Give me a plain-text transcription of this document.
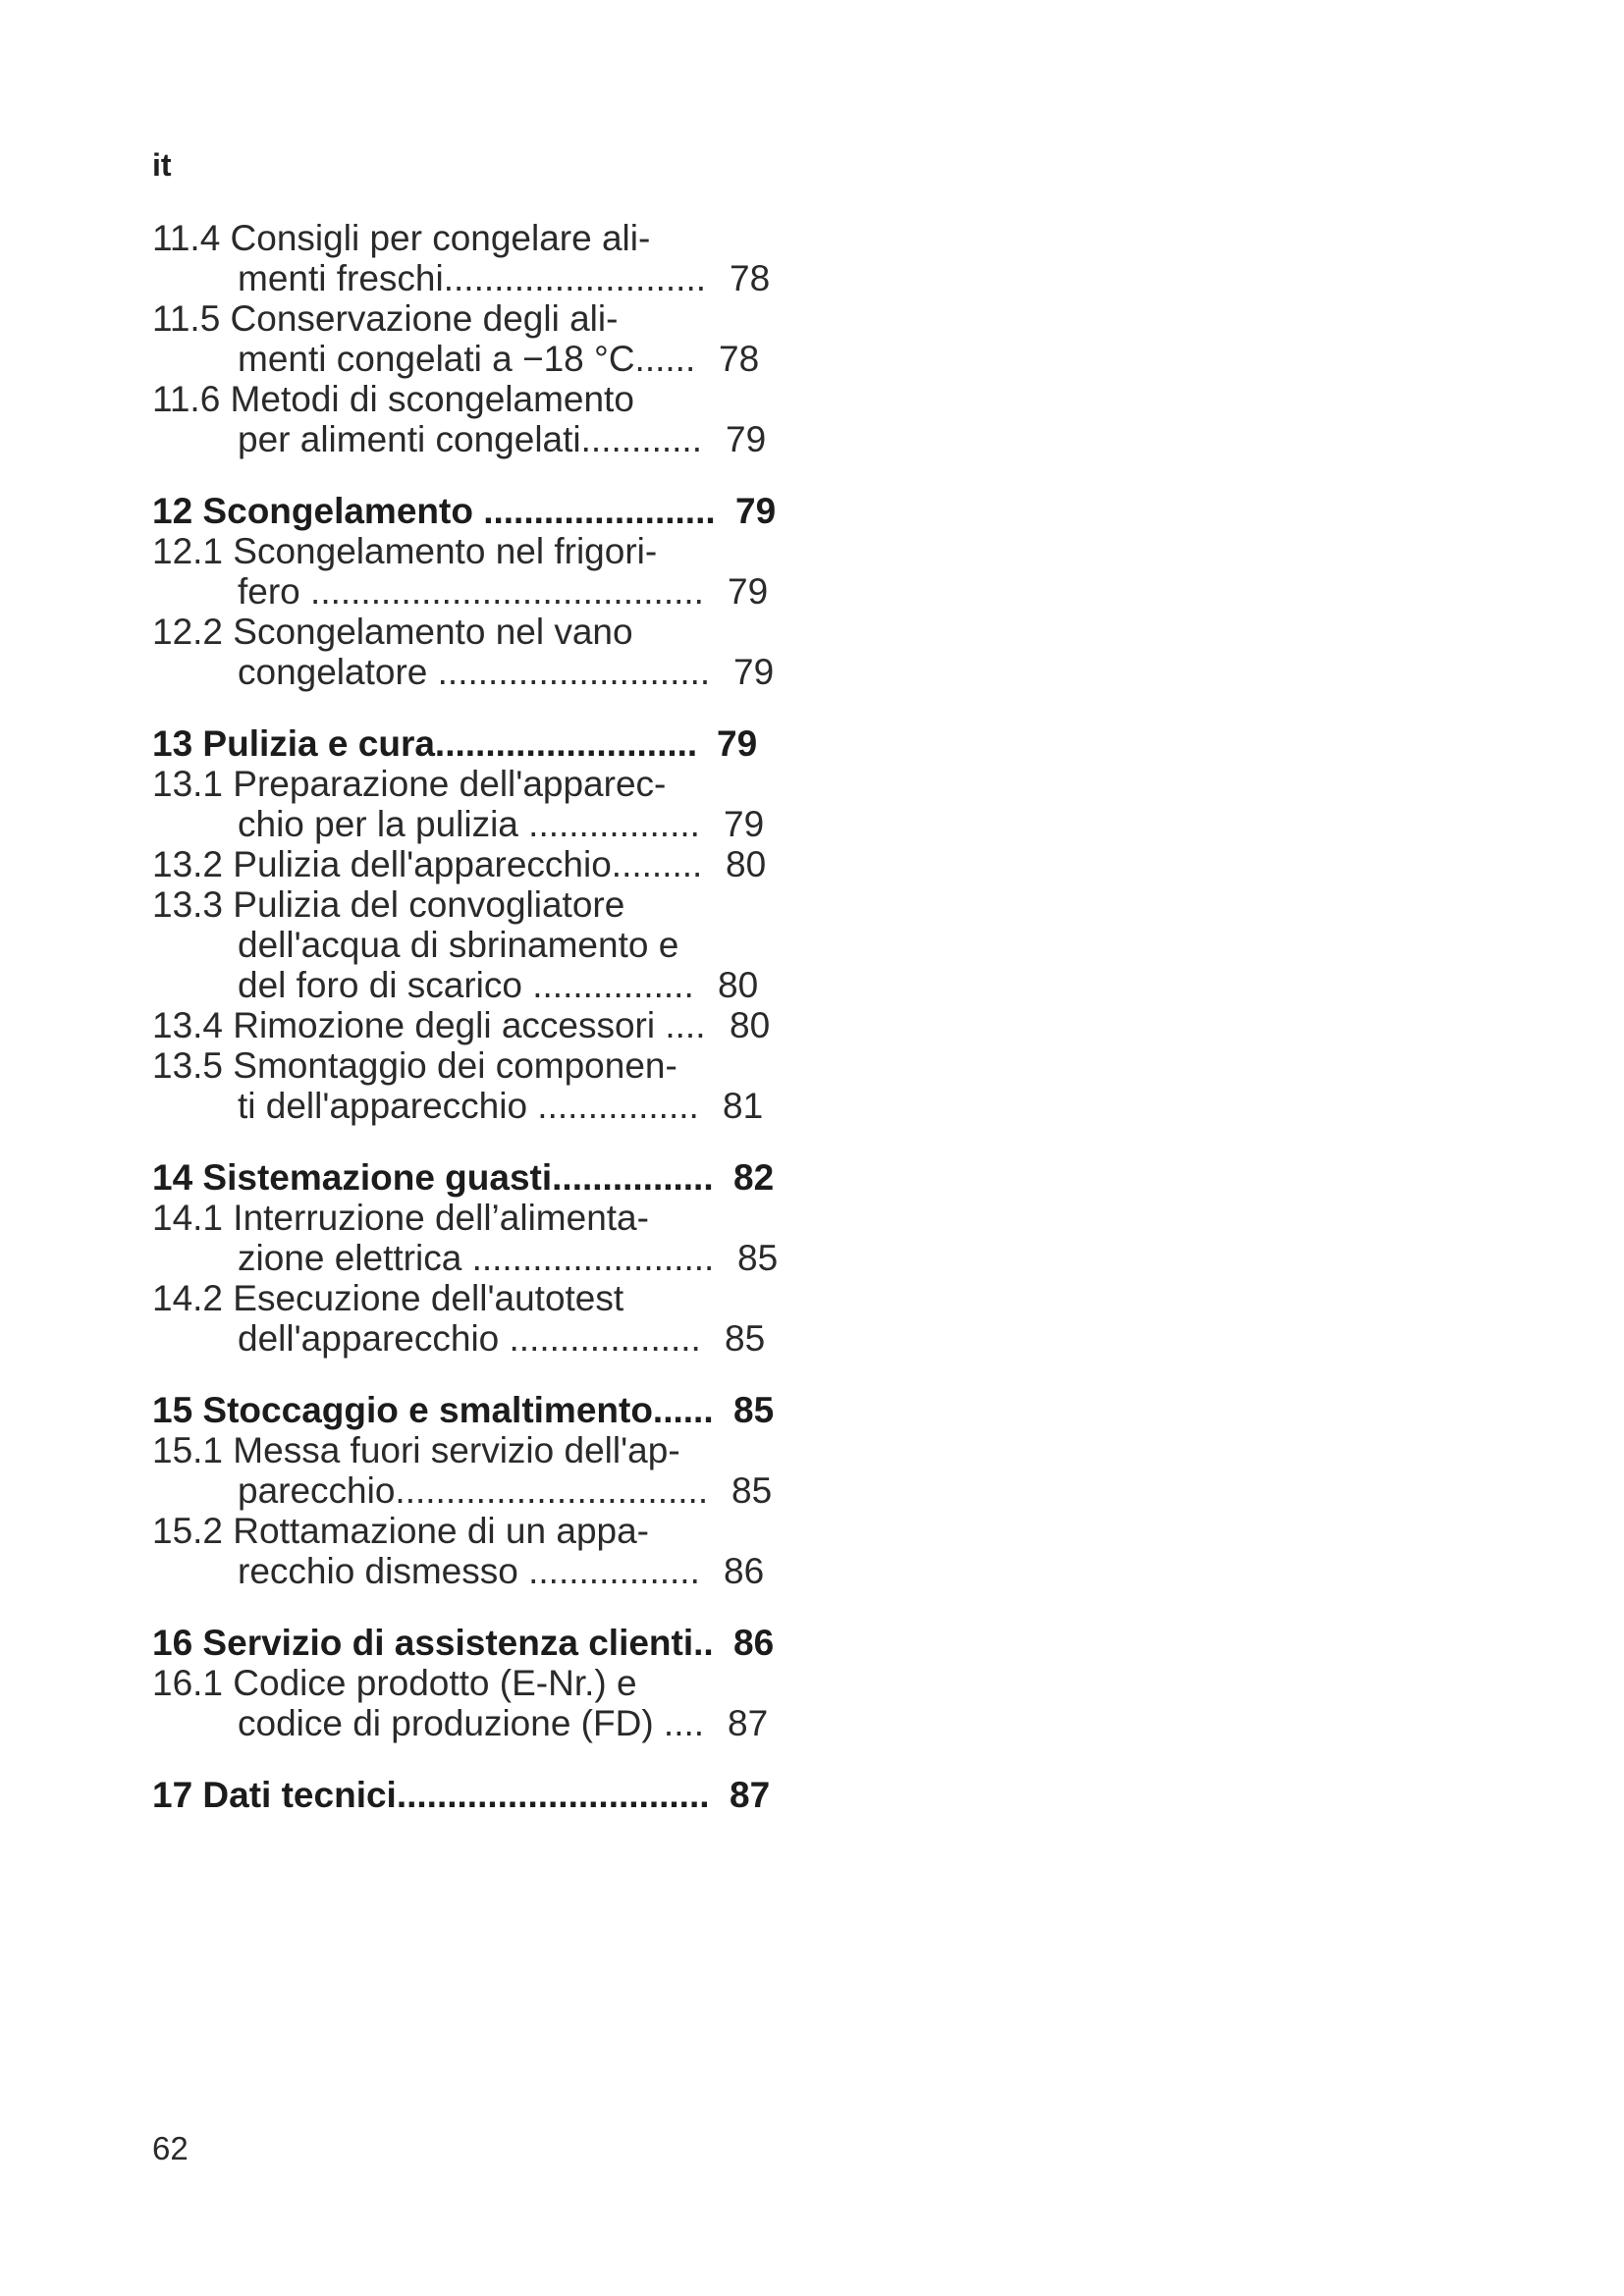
it
11.4 Consigli per congelare ali-
menti freschi.......................... 78
11.5 Conservazione degli ali-
menti congelati a −18 °C...... 78
11.6 Metodi di scongelamento
per alimenti congelati............ 79
12 Scongelamento ....................... 79
12.1 Scongelamento nel frigori-
fero ....................................... 79
12.2 Scongelamento nel vano
congelatore ........................... 79
13 Pulizia e cura.......................... 79
13.1 Preparazione dell'apparec-
chio per la pulizia ................. 79
13.2 Pulizia dell'apparecchio......... 80
13.3 Pulizia del convogliatore
dell'acqua di sbrinamento e
del foro di scarico ................ 80
13.4 Rimozione degli accessori .... 80
13.5 Smontaggio dei componen-
ti dell'apparecchio ................ 81
14 Sistemazione guasti................ 82
14.1 Interruzione dell’alimenta-
zione elettrica ........................ 85
14.2 Esecuzione dell'autotest
dell'apparecchio ................... 85
15 Stoccaggio e smaltimento...... 85
15.1 Messa fuori servizio dell'ap-
parecchio............................... 85
15.2 Rottamazione di un appa-
recchio dismesso ................. 86
16 Servizio di assistenza clienti.. 86
16.1 Codice prodotto (E-Nr.) e
codice di produzione (FD) .... 87
17 Dati tecnici............................... 87
62
